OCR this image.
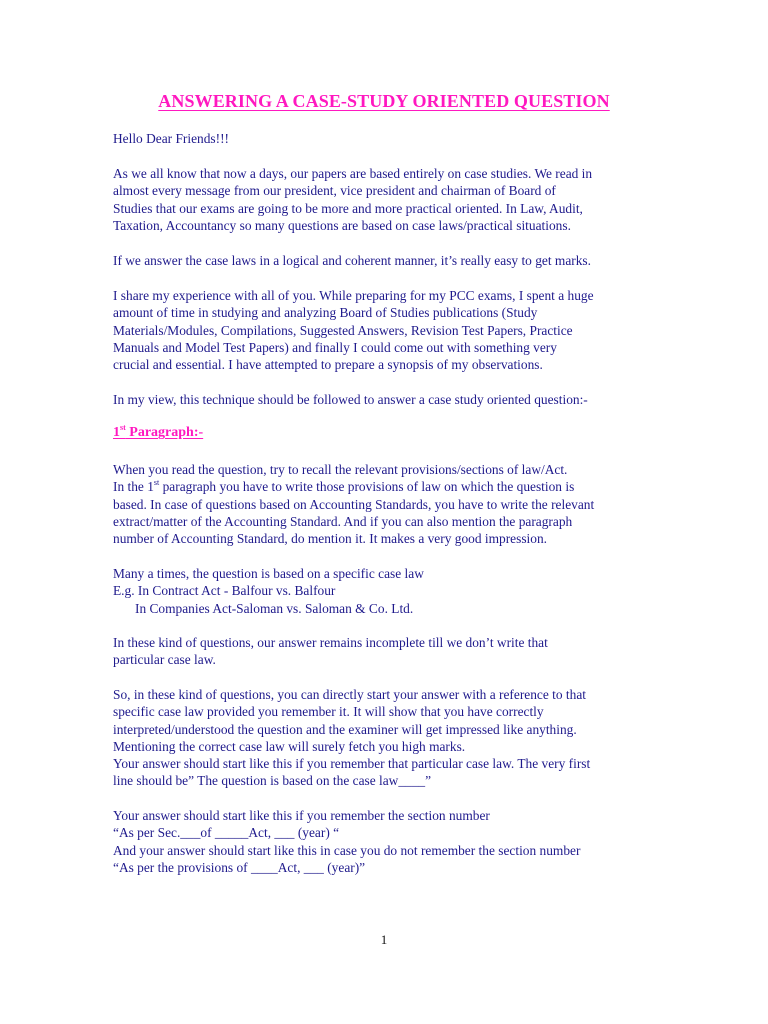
ANSWERING A CASE-STUDY ORIENTED QUESTION

Hello Dear Friends!!!

As we all know that now a days, our papers are based entirely on case studies. We read in
almost every message from our president, vice president and chairman of Board of
Studies that our exams are going to be more and more practical oriented. In Law, Audit,
Taxation, Accountancy so many questions are based on case laws/practical situations.

If we answer the case laws in a logical and coherent manner, it’s really easy to get marks.

I share my experience with all of you. While preparing for my PCC exams, I spent a huge
amount of time in studying and analyzing Board of Studies publications (Study
Materials/Modules, Compilations, Suggested Answers, Revision Test Papers, Practice
Manuals and Model Test Papers) and finally I could come out with something very
crucial and essential. I have attempted to prepare a synopsis of my observations.

In my view, this technique should be followed to answer a case study oriented question:-

1st Paragraph:-

When you read the question, try to recall the relevant provisions/sections of law/Act.
In the 1st paragraph you have to write those provisions of law on which the question is
based. In case of questions based on Accounting Standards, you have to write the relevant
extract/matter of the Accounting Standard. And if you can also mention the paragraph
number of Accounting Standard, do mention it. It makes a very good impression.

Many a times, the question is based on a specific case law
E.g. In Contract Act - Balfour vs. Balfour
In Companies Act-Saloman vs. Saloman & Co. Ltd.

In these kind of questions, our answer remains incomplete till we don’t write that
particular case law.

So, in these kind of questions, you can directly start your answer with a reference to that
specific case law provided you remember it. It will show that you have correctly
interpreted/understood the question and the examiner will get impressed like anything.
Mentioning the correct case law will surely fetch you high marks.
Your answer should start like this if you remember that particular case law. The very first
line should be” The question is based on the case law____”

Your answer should start like this if you remember the section number
“As per Sec.___of _____Act, ___ (year) “
And your answer should start like this in case you do not remember the section number
“As per the provisions of ____Act, ___ (year)”

1
